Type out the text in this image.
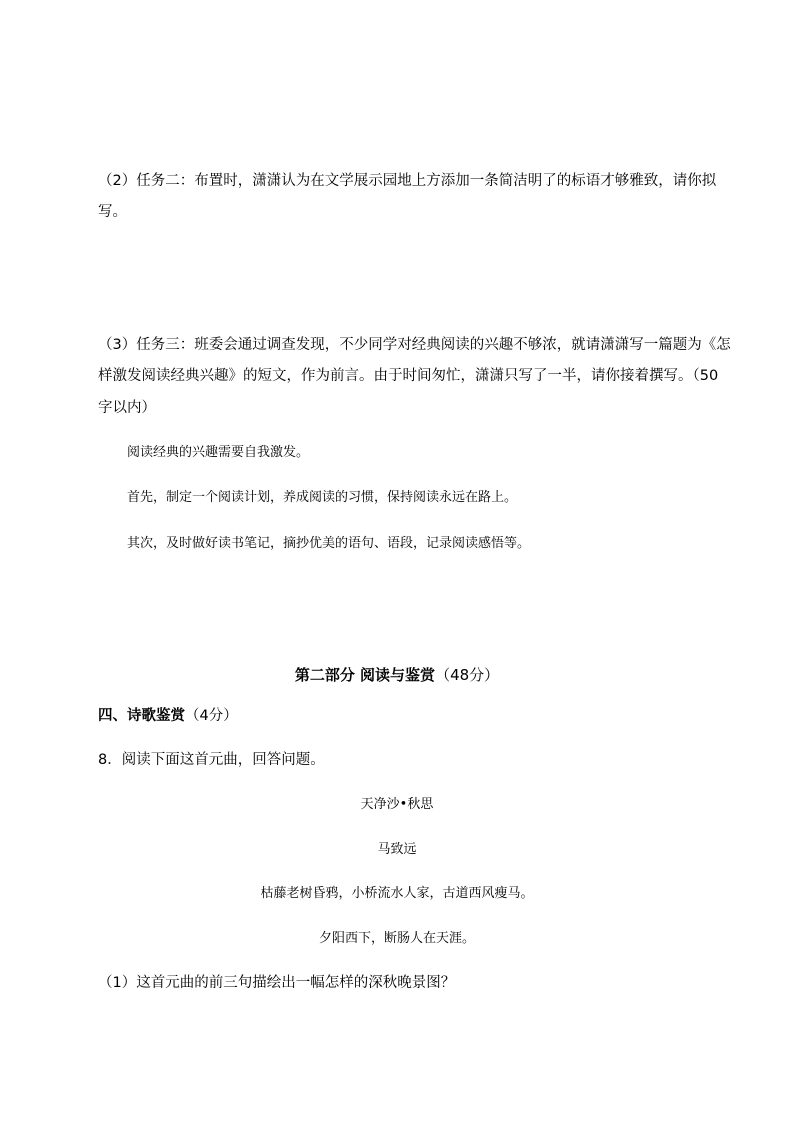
（2）任务二：布置时，潇潇认为在文学展示园地上方添加一条简洁明了的标语才够雅致，请你拟
写。
（3）任务三：班委会通过调查发现，不少同学对经典阅读的兴趣不够浓，就请潇潇写一篇题为《怎
样激发阅读经典兴趣》的短文，作为前言。由于时间匆忙，潇潇只写了一半，请你接着撰写。（50
字以内）
阅读经典的兴趣需要自我激发。
首先，制定一个阅读计划，养成阅读的习惯，保持阅读永远在路上。
其次，及时做好读书笔记，摘抄优美的语句、语段，记录阅读感悟等。
第二部分 阅读与鉴赏（48分）
四、诗歌鉴赏（4分）
8．阅读下面这首元曲，回答问题。
天净沙•秋思
马致远
枯藤老树昏鸦，小桥流水人家，古道西风瘦马。
夕阳西下，断肠人在天涯。
（1）这首元曲的前三句描绘出一幅怎样的深秋晚景图？
